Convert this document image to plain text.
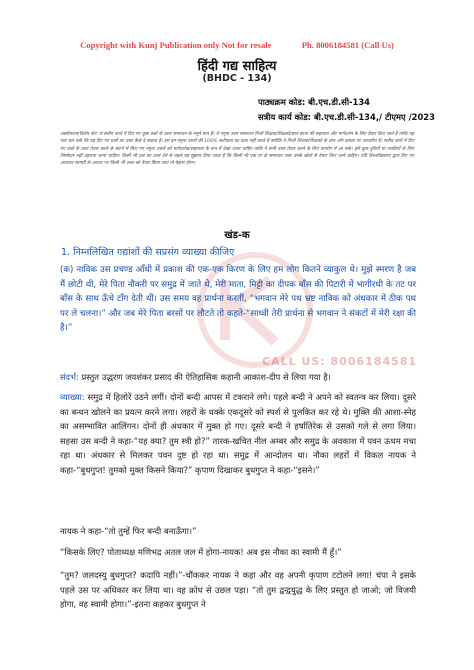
CALL US: 8006184581
Copyright with Kunj Publication only Not for resale	Ph. 8006184581 (Call Us)
हिंदी गद्य साहित्य
(BHDC - 134)
पाठ्यक्रम कोड: बी.एच.डी.सी-134
सत्रीय कार्य कोड: बी.एच.डी.सी-134,/ टीएमए /2023
अस्वीकरण/विशेष नोट: ये सत्रीय कार्य में दिए गए कुछ प्रश्नों के उत्तर समाधान के नमूने मात्र हैं। ये नमूना उत्तर समाधान निजी शिक्षक/शिक्षकों/छात्र छात्रा की सहायता और मार्गदर्शन के लिए तैयार किए जाते हैं ताकि यह पता चल सके कि वह दिए गए प्रश्नों का उत्तर कैसे दे सकता है। हम इन नमूना उत्तरों की 100% सटीकता का दावा नहीं करते हैं क्योंकि ये निजी शिक्षक/शिक्षकों के ज्ञान और क्षमता पर आधारित हैं। सत्रीय कार्य में दिए गए प्रश्नों के उत्तर तैयार करने के संदर्भ में किए गए नमूना उत्तरों को मार्गदर्शक/सहायता के रूप में देखा जाना चाहिए ताकि वे सभी उत्तर तैयार करने के लिए उपयोग में आ सके। हमें कुछ त्रुटियों या गलतियों के लिए जिम्मेदार नहीं ठहराया जाना चाहिए। किसी भी प्रश्न का उत्तर देने से पहले यह सुझाव दिया जाता है कि किसी भी एक या दो समाधान उत्तर उनके स्रोतों से तैयार किए जाने चाहिए। यदि विश्वविद्यालय द्वारा दिए गए अध्ययन सामग्री के आधार पर किसी भी उत्तर को तैयार किया जाए तो बेहतर होगा।
खंड-क
1. निम्नलिखित गद्यांशों की सप्रसंग व्याख्या कीजिए
(क) नाविक उस प्रचण्ड आँधी में प्रकाश की एक-एक किरण के लिए हम लोग कितने व्याकुल थे। मुझे स्मरण है जब मैं छोटी थी, मेरे पिता नौकरी पर समुद्र में जाते थे, मेरी माता, मिट्टी का दीपक बाँस की पिटारी में भागीरथी के तट पर बाँस के साथ ऊँचे टाँग देती थीं। उस समय वह प्रार्थना करतीं, “भगवान मेरे पथ भ्रष्ट नाविक को अंधकार में ठीक पथ पर ले चलना।” और जब मेरे पिता बरसों पर लौटते तो कहते-“साध्वी तेरी प्रार्थना से भगवान ने संकटों में मेरी रक्षा की है।”
संदर्भ: प्रस्तुत उद्धरण जयशंकर प्रसाद की ऐतिहासिक कहानी आकाश-दीप से लिया गया है।
व्याख्या: समुद्र में हिलोरें उठने लगीं। दोनों बन्दी आपस में टकराने लगे। पहले बन्दी ने अपने को स्वतन्त्र कर लिया। दूसरे का बन्धन खोलने का प्रयत्न करने लगा। लहरों के धक्के एकदूसरे को स्पर्श से पुलकित कर रहे थे। मुक्ति की आशा-स्नेह का असम्भावित आलिंगन। दोनों ही अंधकार में मुक्त हो गए। दूसरे बन्दी ने हर्षातिरेक से उसको गले से लगा लिया। सहसा उस बन्दी ने कहा-“यह क्या? तुम स्त्री हो?” तारक-खचित नील अम्बर और समुद्र के अवकाश में पवन ऊधम मचा रहा था। अंधकार से मिलकर पवन दुष्ट हो रहा था। समुद्र में आन्दोलन था। नौका लहरों में विकल नायक ने कहा-“बुधगुप्त! तुमको मुक्त किसने किया?” कृपाण दिखाकर बुधगुप्त ने कहा-“इसने।”
नायक ने कहा-“तो तुम्हें फिर बन्दी बनाऊँगा।”
“किसके लिए? पोताध्यक्ष मणिभद्र अतल जल में होगा-नायक! अब इस नौका का स्वामी मैं हूँ।”
“तुम? जलदस्यु बुधगुप्त? कदापि नहीं।”-चौंककर नायक ने कहा और वह अपनी कृपाण टटोलने लगा! चंपा ने इसके पहले उस पर अधिकार कर लिया था। वह क्रोध से उछल पड़ा। “तो तुम द्वन्द्वयुद्ध के लिए प्रस्तुत हो जाओ; जो विजयी होगा, वह स्वामी होगा।”-इतना कहकर बुधगुप्त ने
